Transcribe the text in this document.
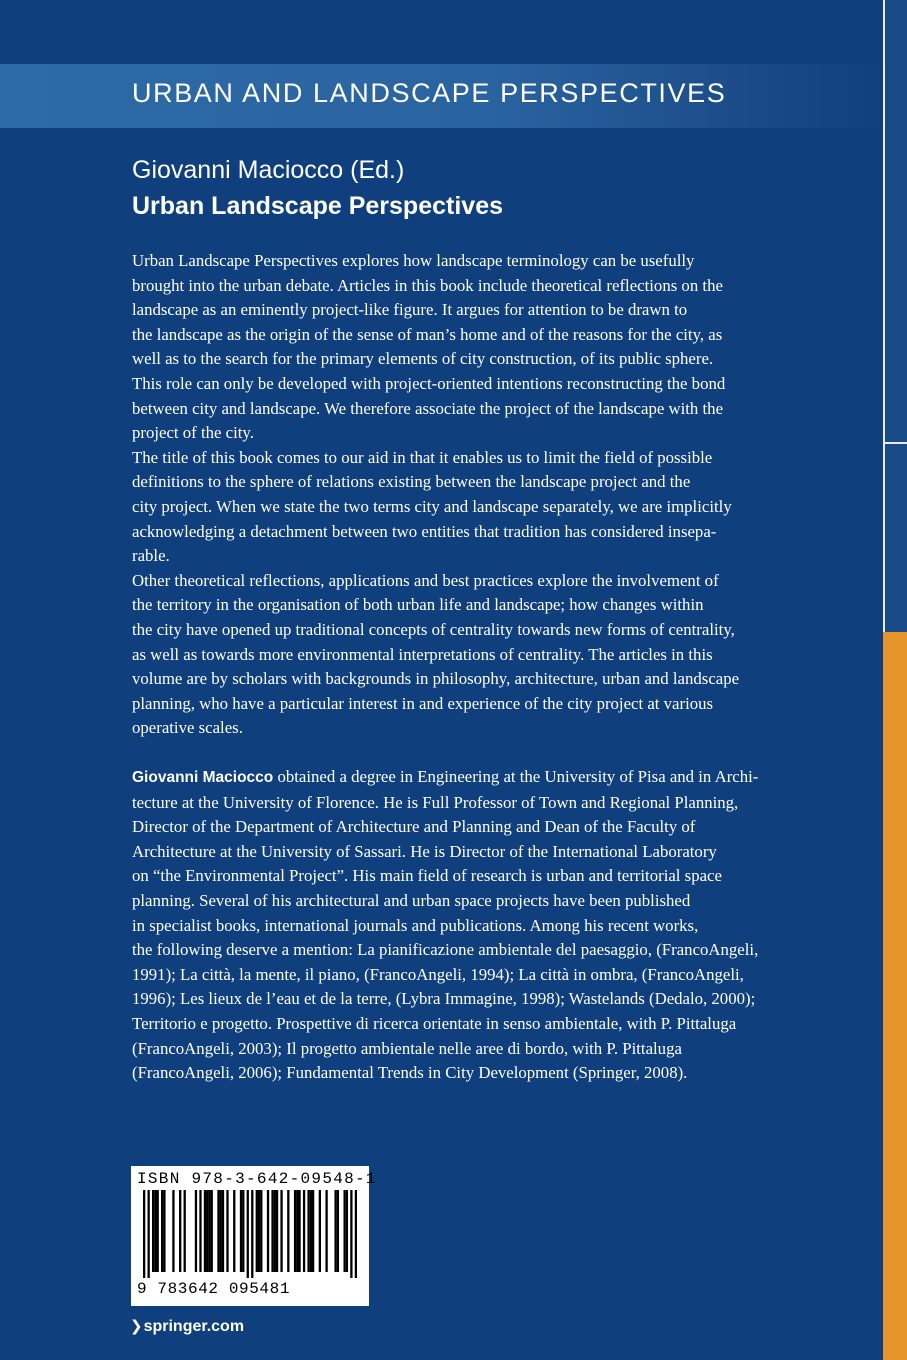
URBAN AND LANDSCAPE PERSPECTIVES
Giovanni Maciocco (Ed.)
Urban Landscape Perspectives
Urban Landscape Perspectives explores how landscape terminology can be usefully
brought into the urban debate. Articles in this book include theoretical reflections on the
landscape as an eminently project-like figure. It argues for attention to be drawn to
the landscape as the origin of the sense of man’s home and of the reasons for the city, as
well as to the search for the primary elements of city construction, of its public sphere.
This role can only be developed with project-oriented intentions reconstructing the bond
between city and landscape. We therefore associate the project of the landscape with the
project of the city.
The title of this book comes to our aid in that it enables us to limit the field of possible
definitions to the sphere of relations existing between the landscape project and the
city project. When we state the two terms city and landscape separately, we are implicitly
acknowledging a detachment between two entities that tradition has considered insepa-
rable.
Other theoretical reflections, applications and best practices explore the involvement of
the territory in the organisation of both urban life and landscape; how changes within
the city have opened up traditional concepts of centrality towards new forms of centrality,
as well as towards more environmental interpretations of centrality. The articles in this
volume are by scholars with backgrounds in philosophy, architecture, urban and landscape
planning, who have a particular interest in and experience of the city project at various
operative scales.
Giovanni Maciocco obtained a degree in Engineering at the University of Pisa and in Archi-
tecture at the University of Florence. He is Full Professor of Town and Regional Planning,
Director of the Department of Architecture and Planning and Dean of the Faculty of
Architecture at the University of Sassari. He is Director of the International Laboratory
on “the Environmental Project”. His main field of research is urban and territorial space
planning. Several of his architectural and urban space projects have been published
in specialist books, international journals and publications. Among his recent works,
the following deserve a mention: La pianificazione ambientale del paesaggio, (FrancoAngeli,
1991); La città, la mente, il piano, (FrancoAngeli, 1994); La città in ombra, (FrancoAngeli,
1996); Les lieux de l’eau et de la terre, (Lybra Immagine, 1998); Wastelands (Dedalo, 2000);
Territorio e progetto. Prospettive di ricerca orientate in senso ambientale, with P. Pittaluga
(FrancoAngeli, 2003); Il progetto ambientale nelle aree di bordo, with P. Pittaluga
(FrancoAngeli, 2006); Fundamental Trends in City Development (Springer, 2008).
ISBN 978-3-642-09548-1
9 783642 095481
❯springer.com
